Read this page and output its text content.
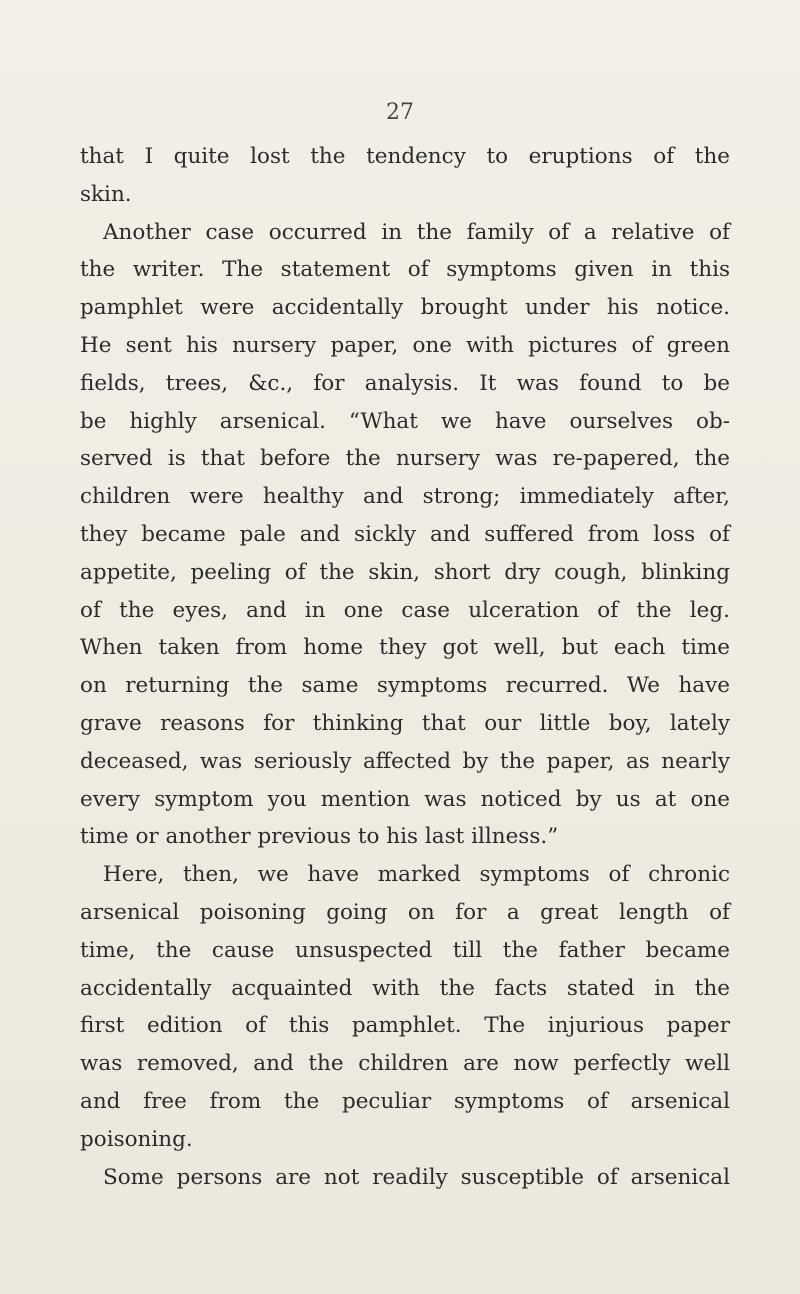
27
that I quite lost the tendency to eruptions of the
skin.
Another case occurred in the family of a relative of
the writer. The statement of symptoms given in this
pamphlet were accidentally brought under his notice.
He sent his nursery paper, one with pictures of green
fields, trees, &c., for analysis. It was found to be
be highly arsenical. “What we have ourselves ob-
served is that before the nursery was re-papered, the
children were healthy and strong; immediately after,
they became pale and sickly and suffered from loss of
appetite, peeling of the skin, short dry cough, blinking
of the eyes, and in one case ulceration of the leg.
When taken from home they got well, but each time
on returning the same symptoms recurred. We have
grave reasons for thinking that our little boy, lately
deceased, was seriously affected by the paper, as nearly
every symptom you mention was noticed by us at one
time or another previous to his last illness.”
Here, then, we have marked symptoms of chronic
arsenical poisoning going on for a great length of
time, the cause unsuspected till the father became
accidentally acquainted with the facts stated in the
first edition of this pamphlet. The injurious paper
was removed, and the children are now perfectly well
and free from the peculiar symptoms of arsenical
poisoning.
Some persons are not readily susceptible of arsenical
